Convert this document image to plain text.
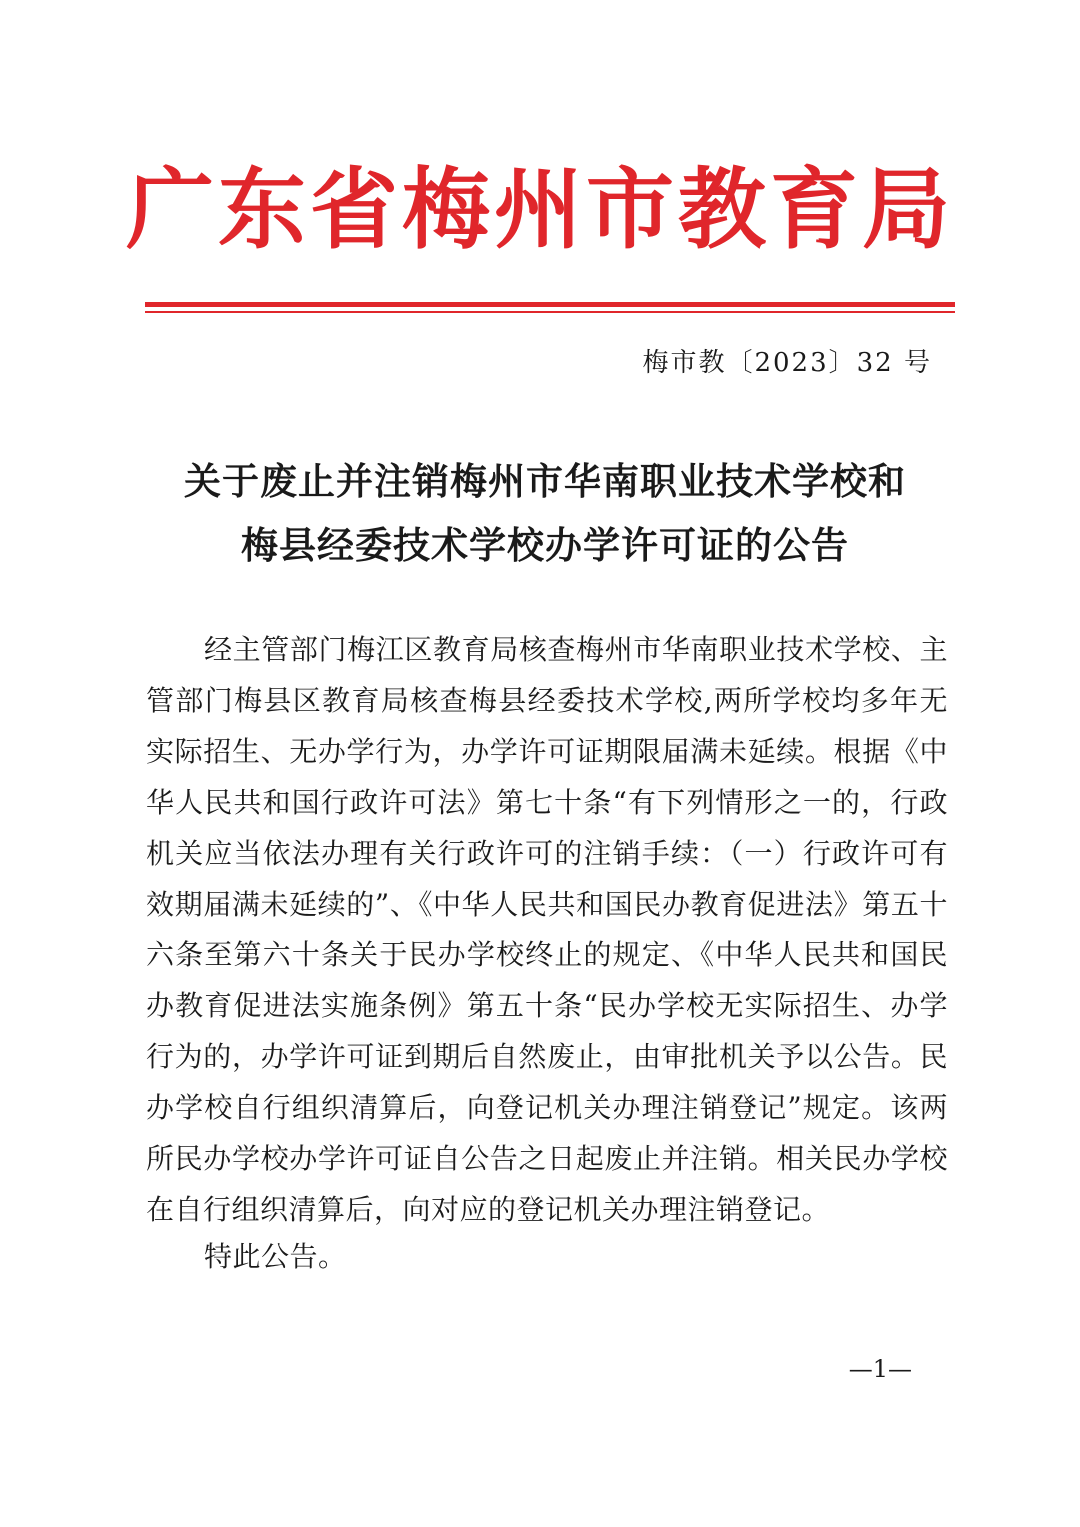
广东省梅州市教育局
梅市教〔2023〕32 号
关于废止并注销梅州市华南职业技术学校和
梅县经委技术学校办学许可证的公告

经主管部门梅江区教育局核查梅州市华南职业技术学校、主管部门梅县区教育局核查梅县经委技术学校,两所学校均多年无实际招生、无办学行为，办学许可证期限届满未延续。根据《中华人民共和国行政许可法》第七十条“有下列情形之一的，行政机关应当依法办理有关行政许可的注销手续：（一）行政许可有效期届满未延续的”、《中华人民共和国民办教育促进法》第五十六条至第六十条关于民办学校终止的规定、《中华人民共和国民办教育促进法实施条例》第五十条“民办学校无实际招生、办学行为的，办学许可证到期后自然废止，由审批机关予以公告。民办学校自行组织清算后，向登记机关办理注销登记”规定。该两所民办学校办学许可证自公告之日起废止并注销。相关民办学校在自行组织清算后，向对应的登记机关办理注销登记。

特此公告。
—1—
